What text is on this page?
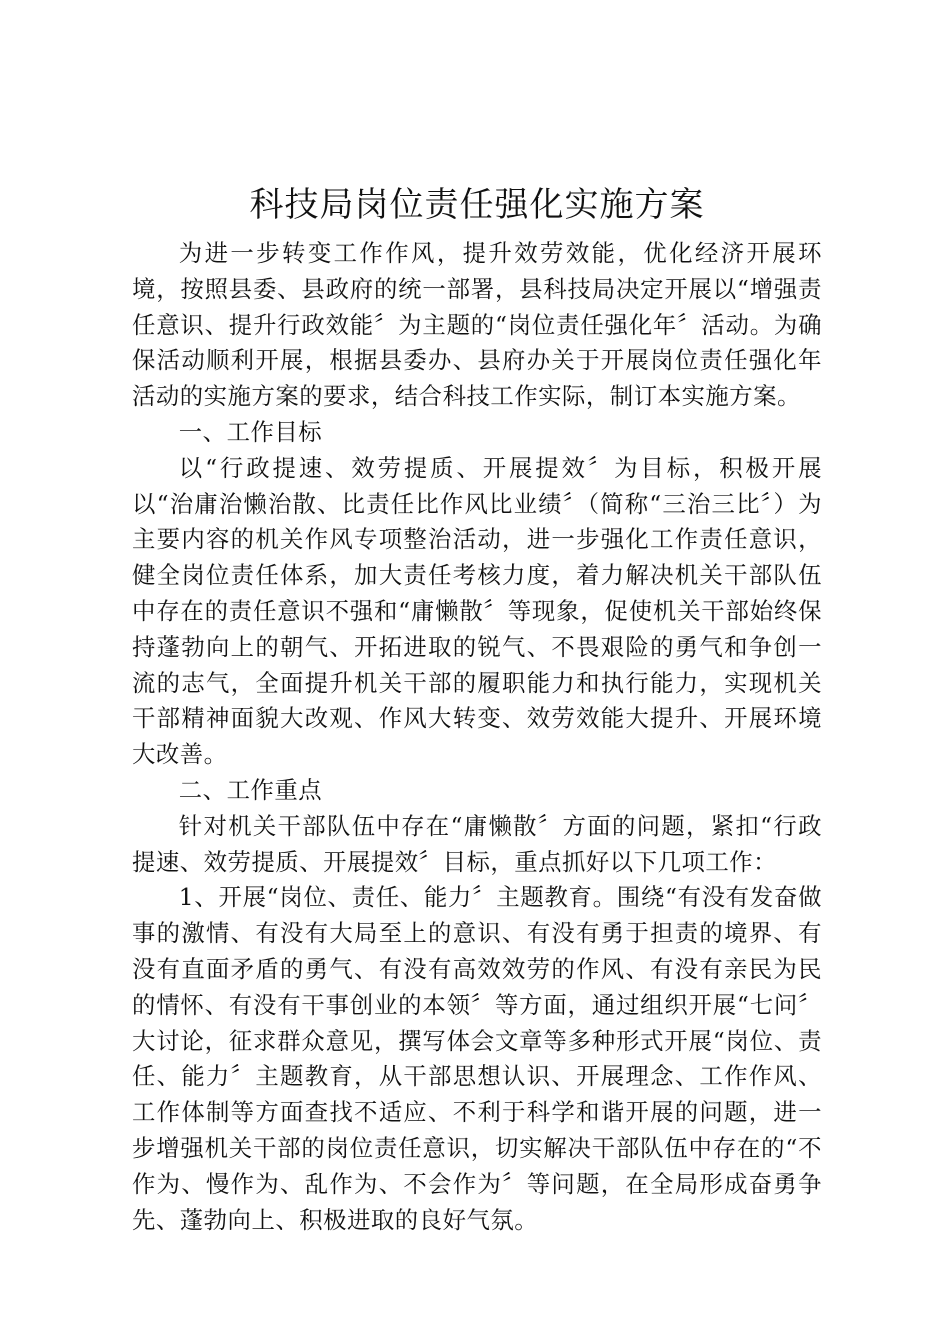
科技局岗位责任强化实施方案

为进一步转变工作作风，提升效劳效能，优化经济开展环境，按照县委、县政府的统一部署，县科技局决定开展以“增强责任意识、提升行政效能〞为主题的“岗位责任强化年〞活动。为确保活动顺利开展，根据县委办、县府办关于开展岗位责任强化年活动的实施方案的要求，结合科技工作实际，制订本实施方案。

一、工作目标

以“行政提速、效劳提质、开展提效〞为目标，积极开展以“治庸治懒治散、比责任比作风比业绩〞（简称“三治三比〞）为主要内容的机关作风专项整治活动，进一步强化工作责任意识，健全岗位责任体系，加大责任考核力度，着力解决机关干部队伍中存在的责任意识不强和“庸懒散〞等现象，促使机关干部始终保持蓬勃向上的朝气、开拓进取的锐气、不畏艰险的勇气和争创一流的志气，全面提升机关干部的履职能力和执行能力，实现机关干部精神面貌大改观、作风大转变、效劳效能大提升、开展环境大改善。

二、工作重点

针对机关干部队伍中存在“庸懒散〞方面的问题，紧扣“行政提速、效劳提质、开展提效〞目标，重点抓好以下几项工作：

1、开展“岗位、责任、能力〞主题教育。围绕“有没有发奋做事的激情、有没有大局至上的意识、有没有勇于担责的境界、有没有直面矛盾的勇气、有没有高效效劳的作风、有没有亲民为民的情怀、有没有干事创业的本领〞等方面，通过组织开展“七问〞大讨论，征求群众意见，撰写体会文章等多种形式开展“岗位、责任、能力〞主题教育，从干部思想认识、开展理念、工作作风、工作体制等方面查找不适应、不利于科学和谐开展的问题，进一步增强机关干部的岗位责任意识，切实解决干部队伍中存在的“不作为、慢作为、乱作为、不会作为〞等问题，在全局形成奋勇争先、蓬勃向上、积极进取的良好气氛。
